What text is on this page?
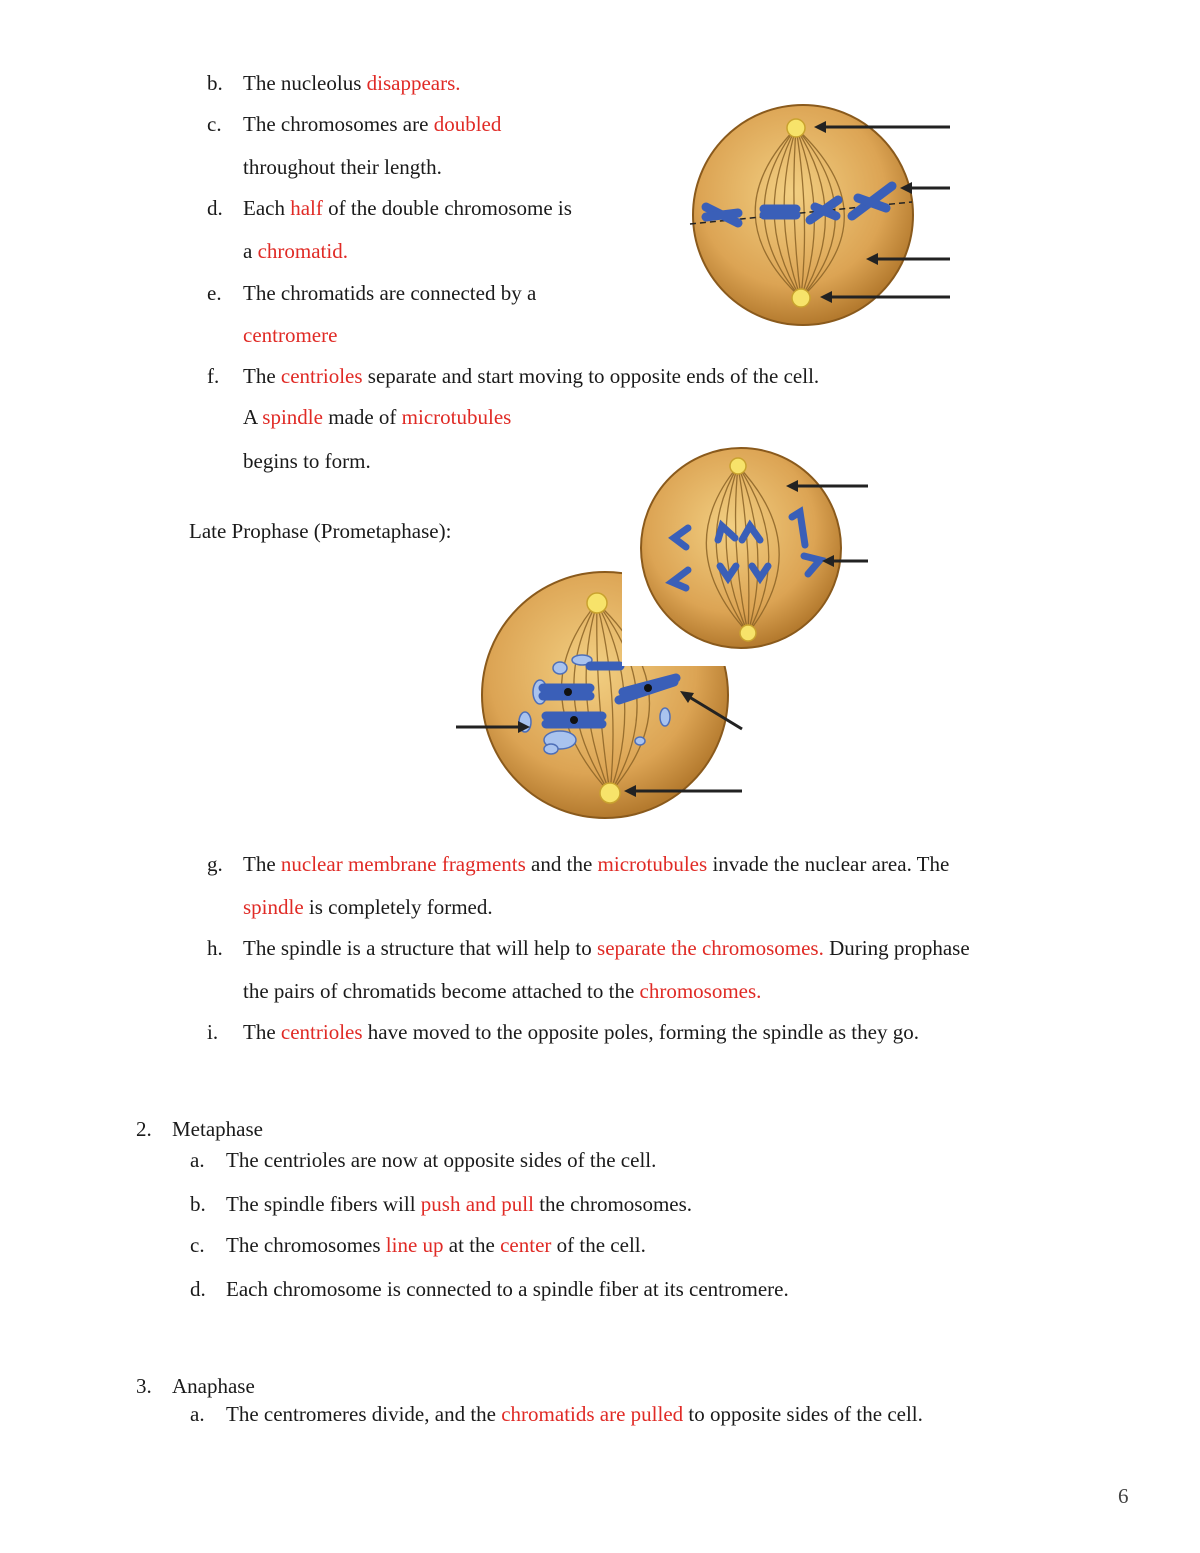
b. The nucleolus disappears.
c.	The chromosomes are doubled
throughout their length.
d. Each half of the double chromosome is
a chromatid.
e.	The chromatids are connected by a
centromere
f.	The centrioles separate and start moving to opposite ends of the cell.
A spindle made of microtubules
begins to form.
Late Prophase (Prometaphase):
g. The nuclear membrane fragments and the microtubules invade the nuclear area. The
spindle is completely formed.
h. The spindle is a structure that will help to separate the chromosomes. During prophase
the pairs of chromatids become attached to the chromosomes.
i.	The centrioles have moved to the opposite poles, forming the spindle as they go.
2. Metaphase
a.	The centrioles are now at opposite sides of the cell.
b. The spindle fibers will push and pull the chromosomes.
c.	The chromosomes line up at the center of the cell.
d. Each chromosome is connected to a spindle fiber at its centromere.
3. Anaphase
a.	The centromeres divide, and the chromatids are pulled to opposite sides of the cell.
6
